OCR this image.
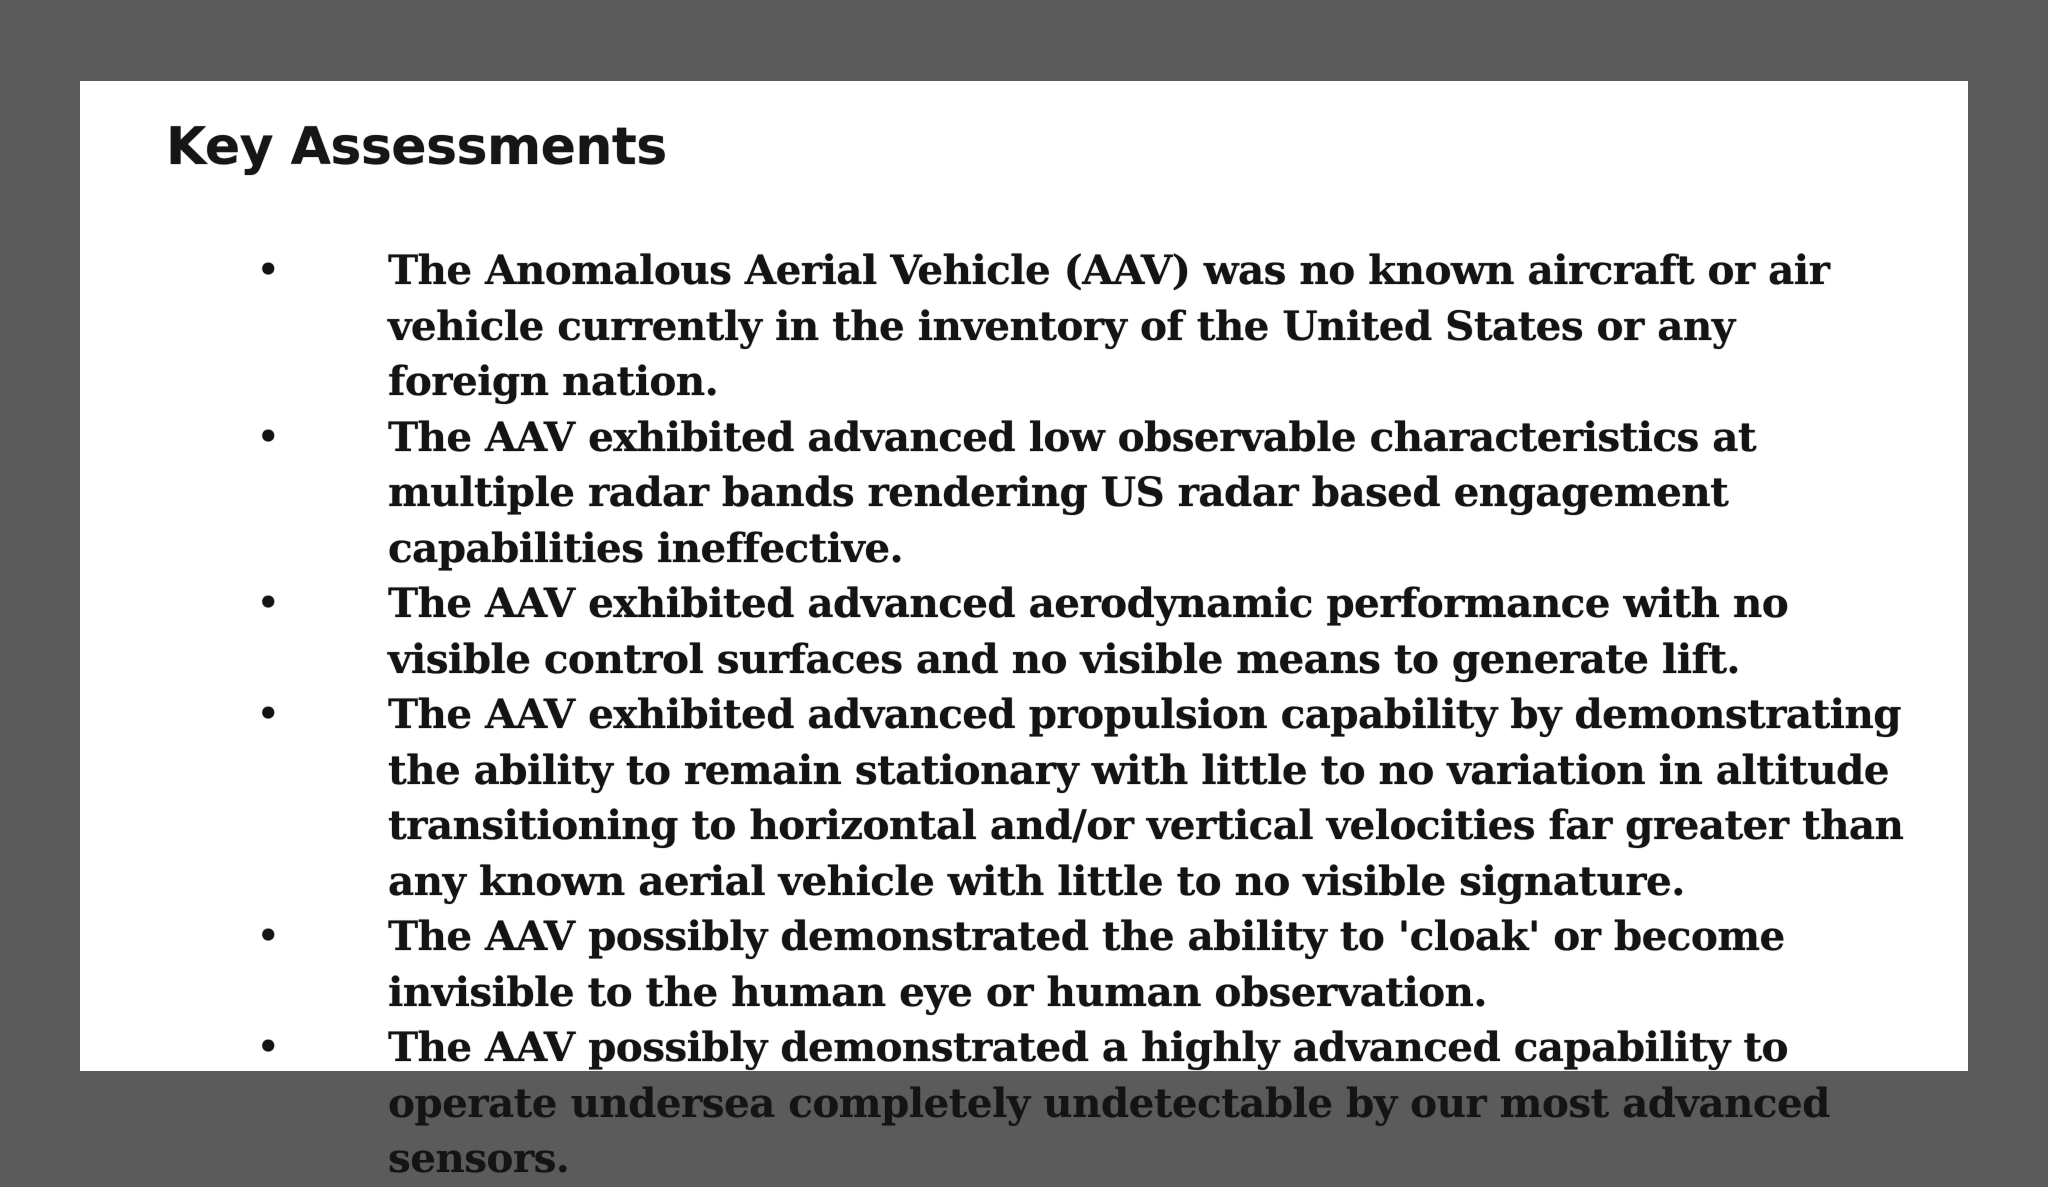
Key Assessments
•	The Anomalous Aerial Vehicle (AAV) was no known aircraft or air vehicle currently in the inventory of the United States or any foreign nation.
•	The AAV exhibited advanced low observable characteristics at multiple radar bands rendering US radar based engagement capabilities ineffective.
•	The AAV exhibited advanced aerodynamic performance with no visible control surfaces and no visible means to generate lift.
•	The AAV exhibited advanced propulsion capability by demonstrating the ability to remain stationary with little to no variation in altitude transitioning to horizontal and/or vertical velocities far greater than any known aerial vehicle with little to no visible signature.
•	The AAV possibly demonstrated the ability to 'cloak' or become invisible to the human eye or human observation.
•	The AAV possibly demonstrated a highly advanced capability to operate undersea completely undetectable by our most advanced sensors.
